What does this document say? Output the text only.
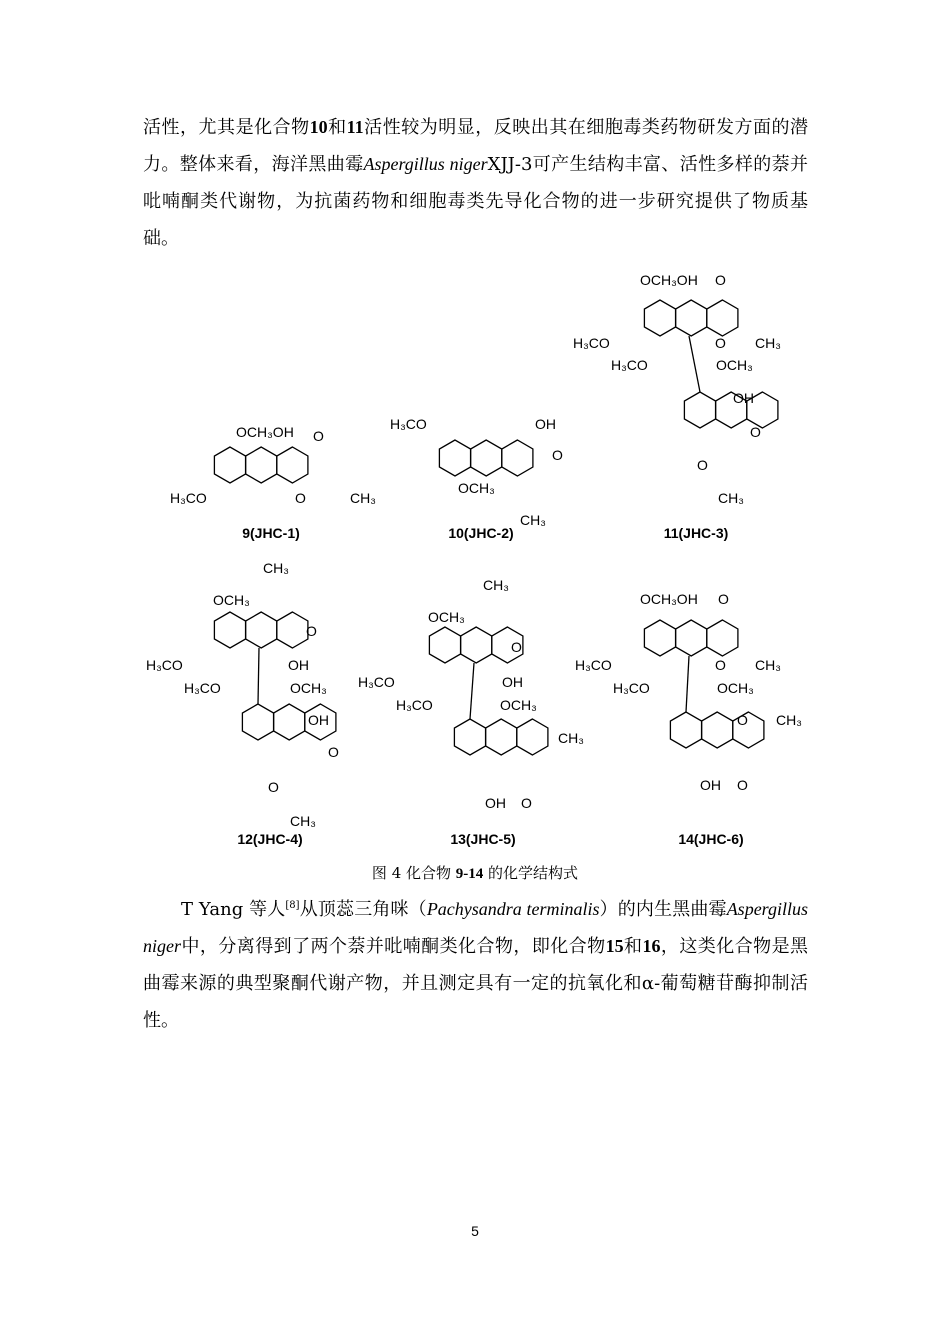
活性，尤其是化合物10和11活性较为明显，反映出其在细胞毒类药物研发方面的潜力。整体来看，海洋黑曲霉Aspergillus nigerXJJ-3可产生结构丰富、活性多样的萘并吡喃酮类代谢物，为抗菌药物和细胞毒类先导化合物的进一步研究提供了物质基础。

OCH₃OH O
H₃CO	O	CH₃
9(JHC-1)
H₃CO	OH
O
OCH₃
CH₃
10(JHC-2)
OCH₃OH O
H₃CO	O CH₃
H₃CO	OCH₃
OH
O
O
CH₃
11(JHC-3)
CH₃
OCH₃
O
H₃CO	OH
H₃CO	OCH₃
OH
O
O
CH₃
12(JHC-4)
CH₃
OCH₃
O
H₃CO	OH
H₃CO	OCH₃
CH₃
OH O
13(JHC-5)
OCH₃OH O
H₃CO	O CH₃
H₃CO	OCH₃
O CH₃
OH O
14(JHC-6)
图 4 化合物 9-14 的化学结构式

T Yang 等人[8]从顶蕊三角咪（Pachysandra terminalis）的内生黑曲霉Aspergillus niger中，分离得到了两个萘并吡喃酮类化合物，即化合物15和16，这类化合物是黑曲霉来源的典型聚酮代谢产物，并且测定具有一定的抗氧化和α-葡萄糖苷酶抑制活性。

5
